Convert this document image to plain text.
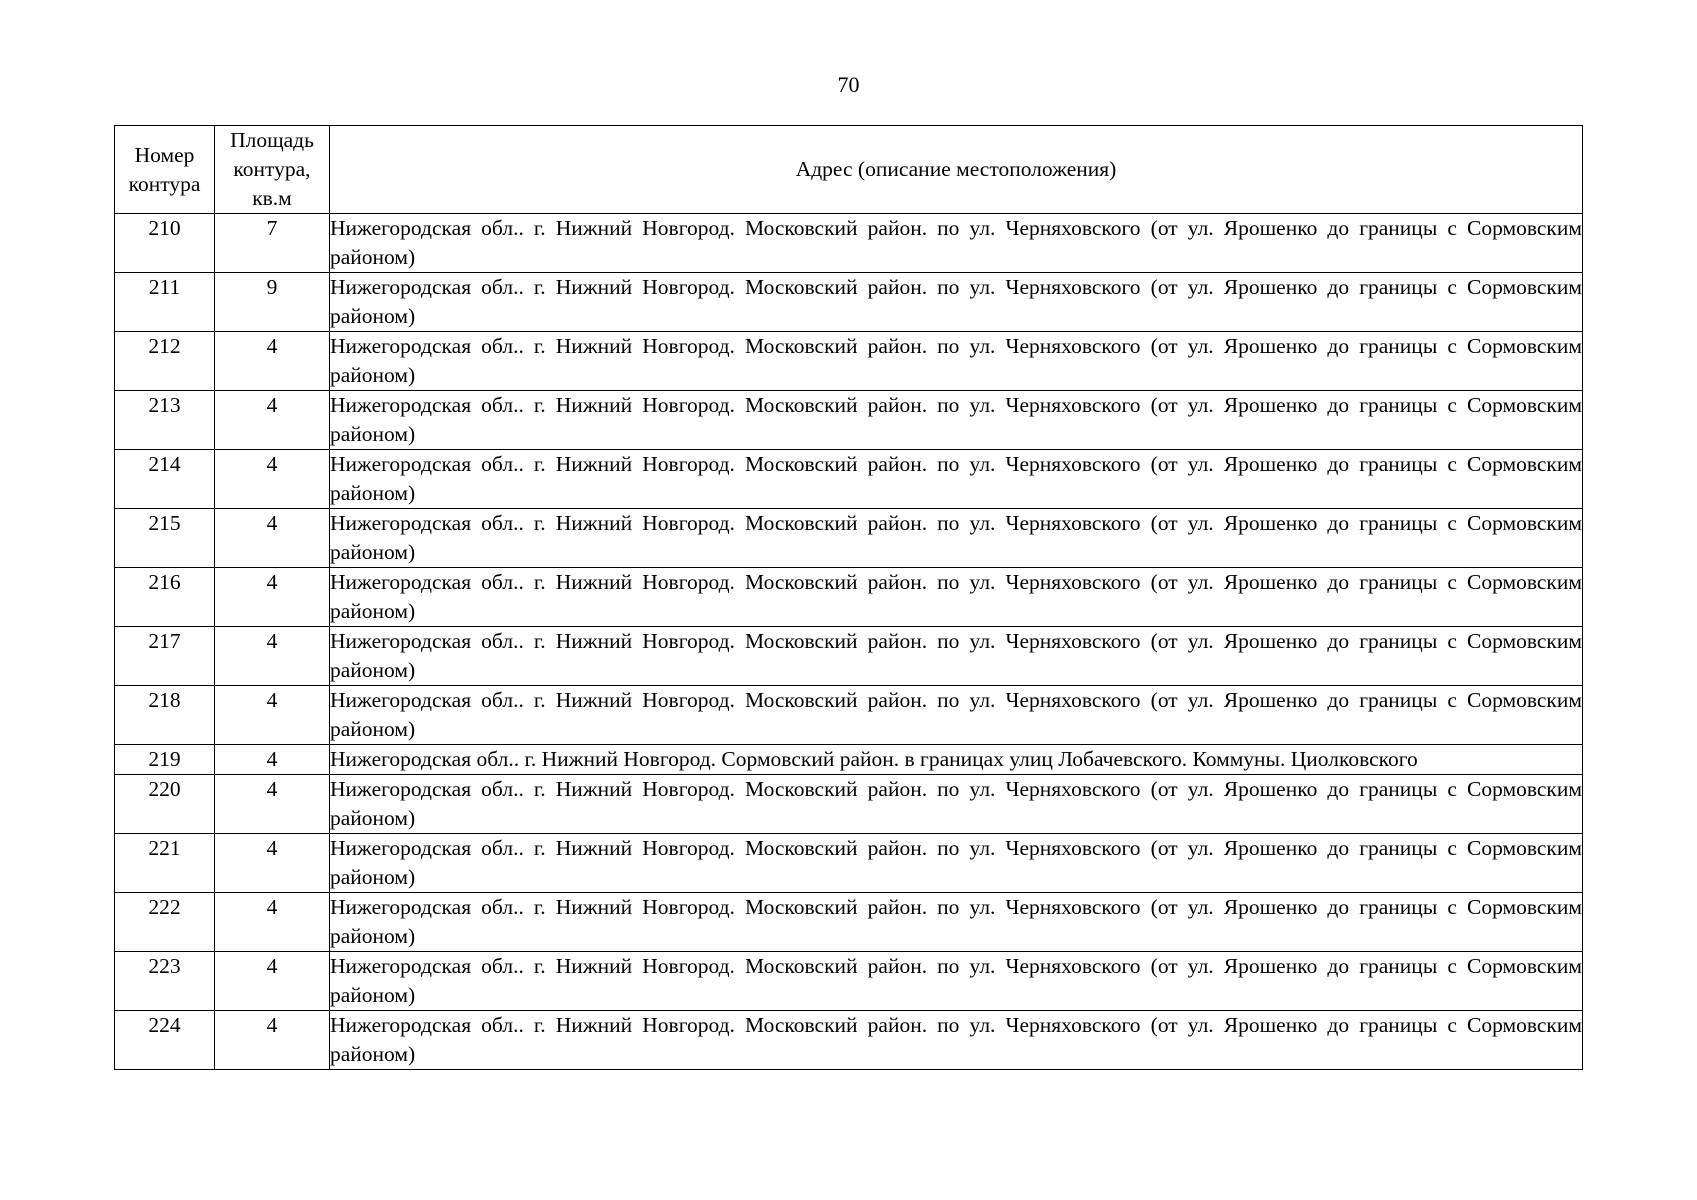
70
Номер контура	Площадь контура, кв.м	Адрес (описание местоположения)
210	7	Нижегородская обл.. г. Нижний Новгород. Московский район. по ул. Черняховского (от ул. Ярошенко до границы с Сормовским районом)
211	9	Нижегородская обл.. г. Нижний Новгород. Московский район. по ул. Черняховского (от ул. Ярошенко до границы с Сормовским районом)
212	4	Нижегородская обл.. г. Нижний Новгород. Московский район. по ул. Черняховского (от ул. Ярошенко до границы с Сормовским районом)
213	4	Нижегородская обл.. г. Нижний Новгород. Московский район. по ул. Черняховского (от ул. Ярошенко до границы с Сормовским районом)
214	4	Нижегородская обл.. г. Нижний Новгород. Московский район. по ул. Черняховского (от ул. Ярошенко до границы с Сормовским районом)
215	4	Нижегородская обл.. г. Нижний Новгород. Московский район. по ул. Черняховского (от ул. Ярошенко до границы с Сормовским районом)
216	4	Нижегородская обл.. г. Нижний Новгород. Московский район. по ул. Черняховского (от ул. Ярошенко до границы с Сормовским районом)
217	4	Нижегородская обл.. г. Нижний Новгород. Московский район. по ул. Черняховского (от ул. Ярошенко до границы с Сормовским районом)
218	4	Нижегородская обл.. г. Нижний Новгород. Московский район. по ул. Черняховского (от ул. Ярошенко до границы с Сормовским районом)
219	4	Нижегородская обл.. г. Нижний Новгород. Сормовский район. в границах улиц Лобачевского. Коммуны. Циолковского
220	4	Нижегородская обл.. г. Нижний Новгород. Московский район. по ул. Черняховского (от ул. Ярошенко до границы с Сормовским районом)
221	4	Нижегородская обл.. г. Нижний Новгород. Московский район. по ул. Черняховского (от ул. Ярошенко до границы с Сормовским районом)
222	4	Нижегородская обл.. г. Нижний Новгород. Московский район. по ул. Черняховского (от ул. Ярошенко до границы с Сормовским районом)
223	4	Нижегородская обл.. г. Нижний Новгород. Московский район. по ул. Черняховского (от ул. Ярошенко до границы с Сормовским районом)
224	4	Нижегородская обл.. г. Нижний Новгород. Московский район. по ул. Черняховского (от ул. Ярошенко до границы с Сормовским районом)
